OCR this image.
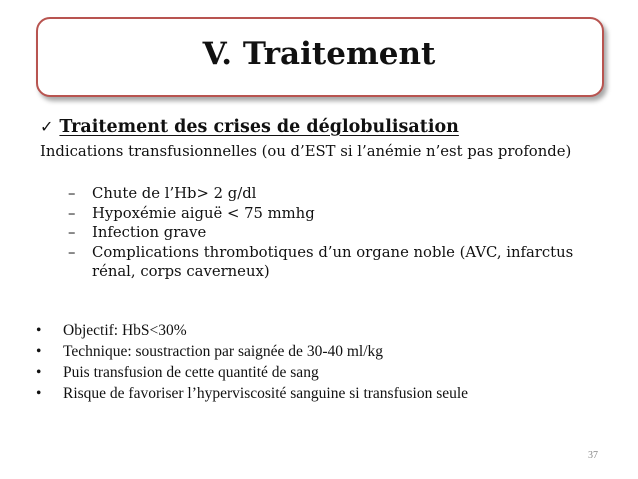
V. Traitement

✓ Traitement des crises de déglobulisation

Indications transfusionnelles (ou d’EST si l’anémie n’est pas profonde)

– Chute de l’Hb> 2 g/dl
– Hypoxémie aiguë < 75 mmhg
– Infection grave
– Complications thrombotiques d’un organe noble (AVC, infarctus rénal, corps caverneux)
• Objectif: HbS<30%
• Technique: soustraction par saignée de 30-40 ml/kg
• Puis transfusion de cette quantité de sang
• Risque de favoriser l’hyperviscosité sanguine si transfusion seule
37
